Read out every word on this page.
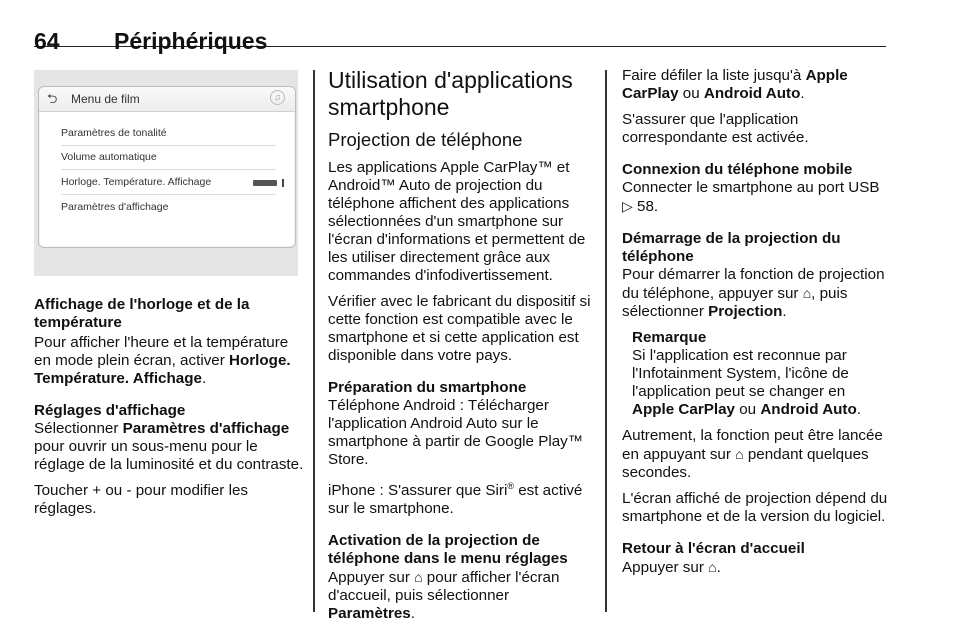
64 Périphériques
⮌ Menu de film	♫
Paramètres de tonalité
Volume automatique
Horloge. Température. Affichage
Paramètres d'affichage

Affichage de l'horloge et de la température

Pour afficher l'heure et la température en mode plein écran, activer Horloge. Température. Affichage.

Réglages d'affichage

Sélectionner Paramètres d'affichage pour ouvrir un sous-menu pour le réglage de la luminosité et du contraste.

Toucher + ou - pour modifier les réglages.

Utilisation d'applications smartphone

Projection de téléphone

Les applications Apple CarPlay™ et Android™ Auto de projection du téléphone affichent des applications sélectionnées d'un smartphone sur l'écran d'informations et permettent de les utiliser directement grâce aux commandes d'infodivertissement.

Vérifier avec le fabricant du dispositif si cette fonction est compatible avec le smartphone et si cette application est disponible dans votre pays.

Préparation du smartphone

Téléphone Android : Télécharger l'application Android Auto sur le smartphone à partir de Google Play™ Store.

iPhone : S'assurer que Siri® est activé sur le smartphone.

Activation de la projection de téléphone dans le menu réglages

Appuyer sur ⌂ pour afficher l'écran d'accueil, puis sélectionner Paramètres.

Faire défiler la liste jusqu'à Apple CarPlay ou Android Auto.

S'assurer que l'application correspondante est activée.

Connexion du téléphone mobile

Connecter le smartphone au port USB ▷ 58.

Démarrage de la projection du téléphone

Pour démarrer la fonction de projection du téléphone, appuyer sur ⌂, puis sélectionner Projection.

Remarque

Si l'application est reconnue par l'Infotainment System, l'icône de l'application peut se changer en Apple CarPlay ou Android Auto.

Autrement, la fonction peut être lancée en appuyant sur ⌂ pendant quelques secondes.

L'écran affiché de projection dépend du smartphone et de la version du logiciel.

Retour à l'écran d'accueil

Appuyer sur ⌂.
